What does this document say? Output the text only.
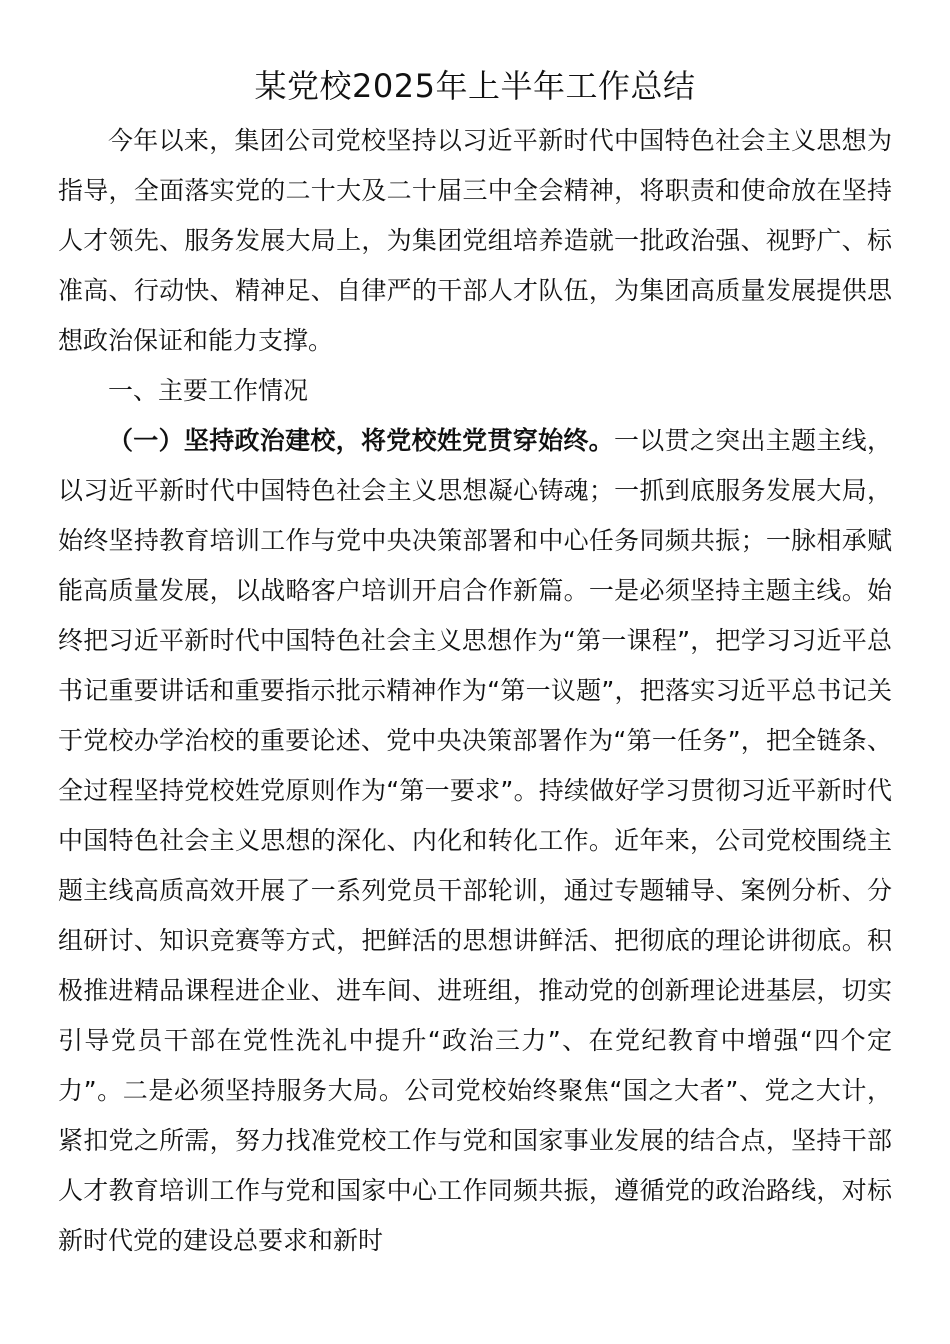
某党校2025年上半年工作总结

今年以来，集团公司党校坚持以习近平新时代中国特色社会主义思想为指导，全面落实党的二十大及二十届三中全会精神，将职责和使命放在坚持人才领先、服务发展大局上，为集团党组培养造就一批政治强、视野广、标准高、行动快、精神足、自律严的干部人才队伍，为集团高质量发展提供思想政治保证和能力支撑。

一、主要工作情况

（一）坚持政治建校，将党校姓党贯穿始终。一以贯之突出主题主线，以习近平新时代中国特色社会主义思想凝心铸魂；一抓到底服务发展大局，始终坚持教育培训工作与党中央决策部署和中心任务同频共振；一脉相承赋能高质量发展，以战略客户培训开启合作新篇。一是必须坚持主题主线。始终把习近平新时代中国特色社会主义思想作为“第一课程”，把学习习近平总书记重要讲话和重要指示批示精神作为“第一议题”，把落实习近平总书记关于党校办学治校的重要论述、党中央决策部署作为“第一任务”，把全链条、全过程坚持党校姓党原则作为“第一要求”。持续做好学习贯彻习近平新时代中国特色社会主义思想的深化、内化和转化工作。近年来，公司党校围绕主题主线高质高效开展了一系列党员干部轮训，通过专题辅导、案例分析、分组研讨、知识竞赛等方式，把鲜活的思想讲鲜活、把彻底的理论讲彻底。积极推进精品课程进企业、进车间、进班组，推动党的创新理论进基层，切实引导党员干部在党性洗礼中提升“政治三力”、在党纪教育中增强“四个定力”。二是必须坚持服务大局。公司党校始终聚焦“国之大者”、党之大计，紧扣党之所需，努力找准党校工作与党和国家事业发展的结合点，坚持干部人才教育培训工作与党和国家中心工作同频共振，遵循党的政治路线，对标新时代党的建设总要求和新时
